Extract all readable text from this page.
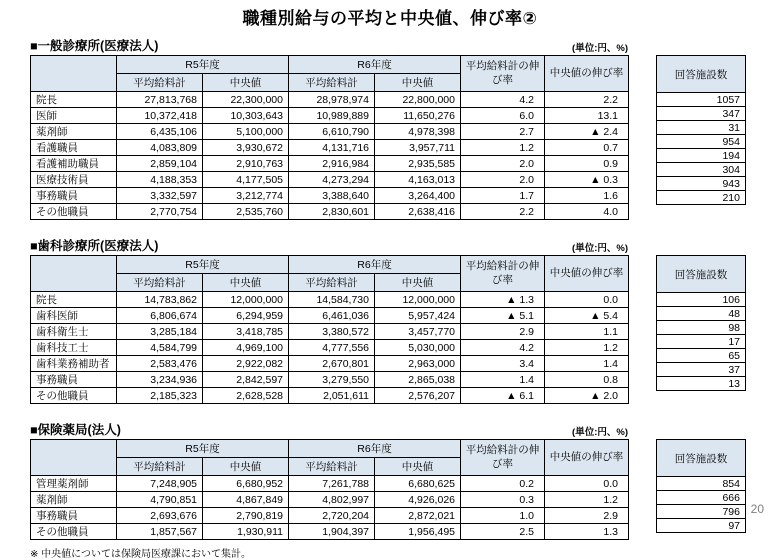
職種別給与の平均と中央値、伸び率②
■一般診療所(医療法人)	(単位:円、%)
	R5年度		R6年度		平均給料計の伸び率	中央値の伸び率
	平均給料計	中央値	平均給料計	中央値		
院長	27,813,768	22,300,000	28,978,974	22,800,000	4.2	2.2
医師	10,372,418	10,303,643	10,989,889	11,650,276	6.0	13.1
薬剤師	6,435,106	5,100,000	6,610,790	4,978,398	2.7	▲ 2.4
看護職員	4,083,809	3,930,672	4,131,716	3,957,711	1.2	0.7
看護補助職員	2,859,104	2,910,763	2,916,984	2,935,585	2.0	0.9
医療技術員	4,188,353	4,177,505	4,273,294	4,163,013	2.0	▲ 0.3
事務職員	3,332,597	3,212,774	3,388,640	3,264,400	1.7	1.6
その他職員	2,770,754	2,535,760	2,830,601	2,638,416	2.2	4.0
回答施設数
1057
347
31
954
194
304
943
210
■歯科診療所(医療法人)	(単位:円、%)
	R5年度		R6年度		平均給料計の伸び率	中央値の伸び率
	平均給料計	中央値	平均給料計	中央値		
院長	14,783,862	12,000,000	14,584,730	12,000,000	▲ 1.3	0.0
歯科医師	6,806,674	6,294,959	6,461,036	5,957,424	▲ 5.1	▲ 5.4
歯科衛生士	3,285,184	3,418,785	3,380,572	3,457,770	2.9	1.1
歯科技工士	4,584,799	4,969,100	4,777,556	5,030,000	4.2	1.2
歯科業務補助者	2,583,476	2,922,082	2,670,801	2,963,000	3.4	1.4
事務職員	3,234,936	2,842,597	3,279,550	2,865,038	1.4	0.8
その他職員	2,185,323	2,628,528	2,051,611	2,576,207	▲ 6.1	▲ 2.0
回答施設数
106
48
98
17
65
37
13
■保険薬局(法人)	(単位:円、%)
	R5年度		R6年度		平均給料計の伸び率	中央値の伸び率
	平均給料計	中央値	平均給料計	中央値		
管理薬剤師	7,248,905	6,680,952	7,261,788	6,680,625	0.2	0.0
薬剤師	4,790,851	4,867,849	4,802,997	4,926,026	0.3	1.2
事務職員	2,693,676	2,790,819	2,720,204	2,872,021	1.0	2.9
その他職員	1,857,567	1,930,911	1,904,397	1,956,495	2.5	1.3
回答施設数
854
666
796
97
※ 中央値については保険局医療課において集計。
20
